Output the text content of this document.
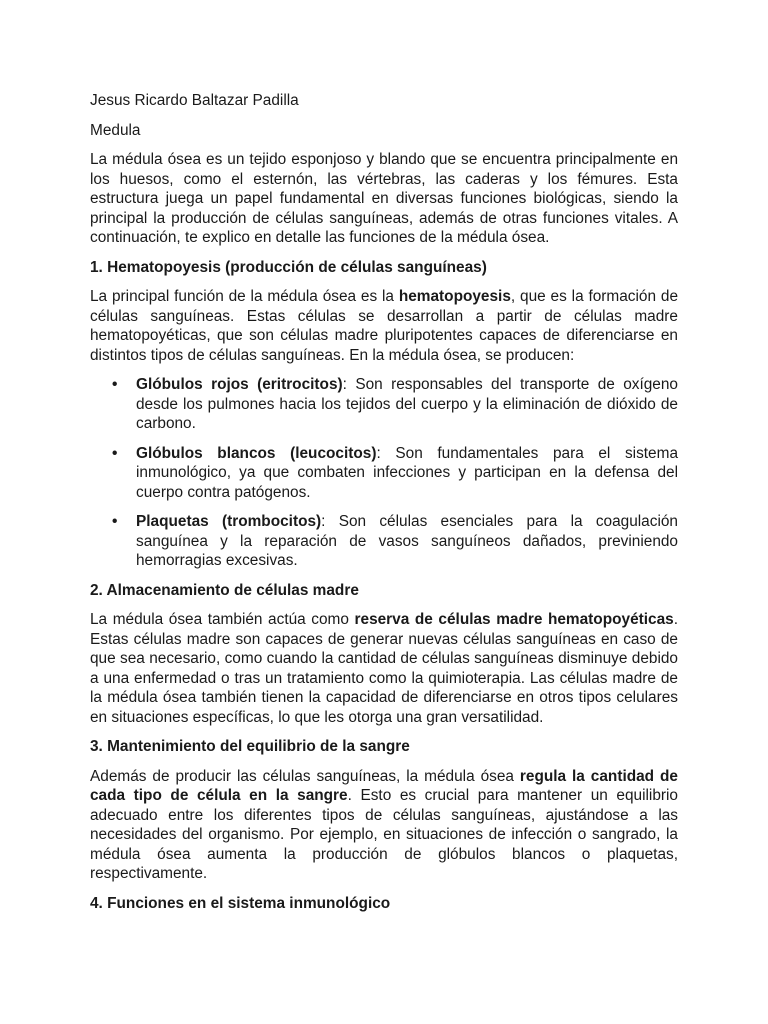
Jesus Ricardo Baltazar Padilla

Medula

La médula ósea es un tejido esponjoso y blando que se encuentra principalmente en los huesos, como el esternón, las vértebras, las caderas y los fémures. Esta estructura juega un papel fundamental en diversas funciones biológicas, siendo la principal la producción de células sanguíneas, además de otras funciones vitales. A continuación, te explico en detalle las funciones de la médula ósea.

1. Hematopoyesis (producción de células sanguíneas)

La principal función de la médula ósea es la hematopoyesis, que es la formación de células sanguíneas. Estas células se desarrollan a partir de células madre hematopoyéticas, que son células madre pluripotentes capaces de diferenciarse en distintos tipos de células sanguíneas. En la médula ósea, se producen:

• Glóbulos rojos (eritrocitos): Son responsables del transporte de oxígeno desde los pulmones hacia los tejidos del cuerpo y la eliminación de dióxido de carbono.
• Glóbulos blancos (leucocitos): Son fundamentales para el sistema inmunológico, ya que combaten infecciones y participan en la defensa del cuerpo contra patógenos.
• Plaquetas (trombocitos): Son células esenciales para la coagulación sanguínea y la reparación de vasos sanguíneos dañados, previniendo hemorragias excesivas.

2. Almacenamiento de células madre

La médula ósea también actúa como reserva de células madre hematopoyéticas. Estas células madre son capaces de generar nuevas células sanguíneas en caso de que sea necesario, como cuando la cantidad de células sanguíneas disminuye debido a una enfermedad o tras un tratamiento como la quimioterapia. Las células madre de la médula ósea también tienen la capacidad de diferenciarse en otros tipos celulares en situaciones específicas, lo que les otorga una gran versatilidad.

3. Mantenimiento del equilibrio de la sangre

Además de producir las células sanguíneas, la médula ósea regula la cantidad de cada tipo de célula en la sangre. Esto es crucial para mantener un equilibrio adecuado entre los diferentes tipos de células sanguíneas, ajustándose a las necesidades del organismo. Por ejemplo, en situaciones de infección o sangrado, la médula ósea aumenta la producción de glóbulos blancos o plaquetas, respectivamente.

4. Funciones en el sistema inmunológico
